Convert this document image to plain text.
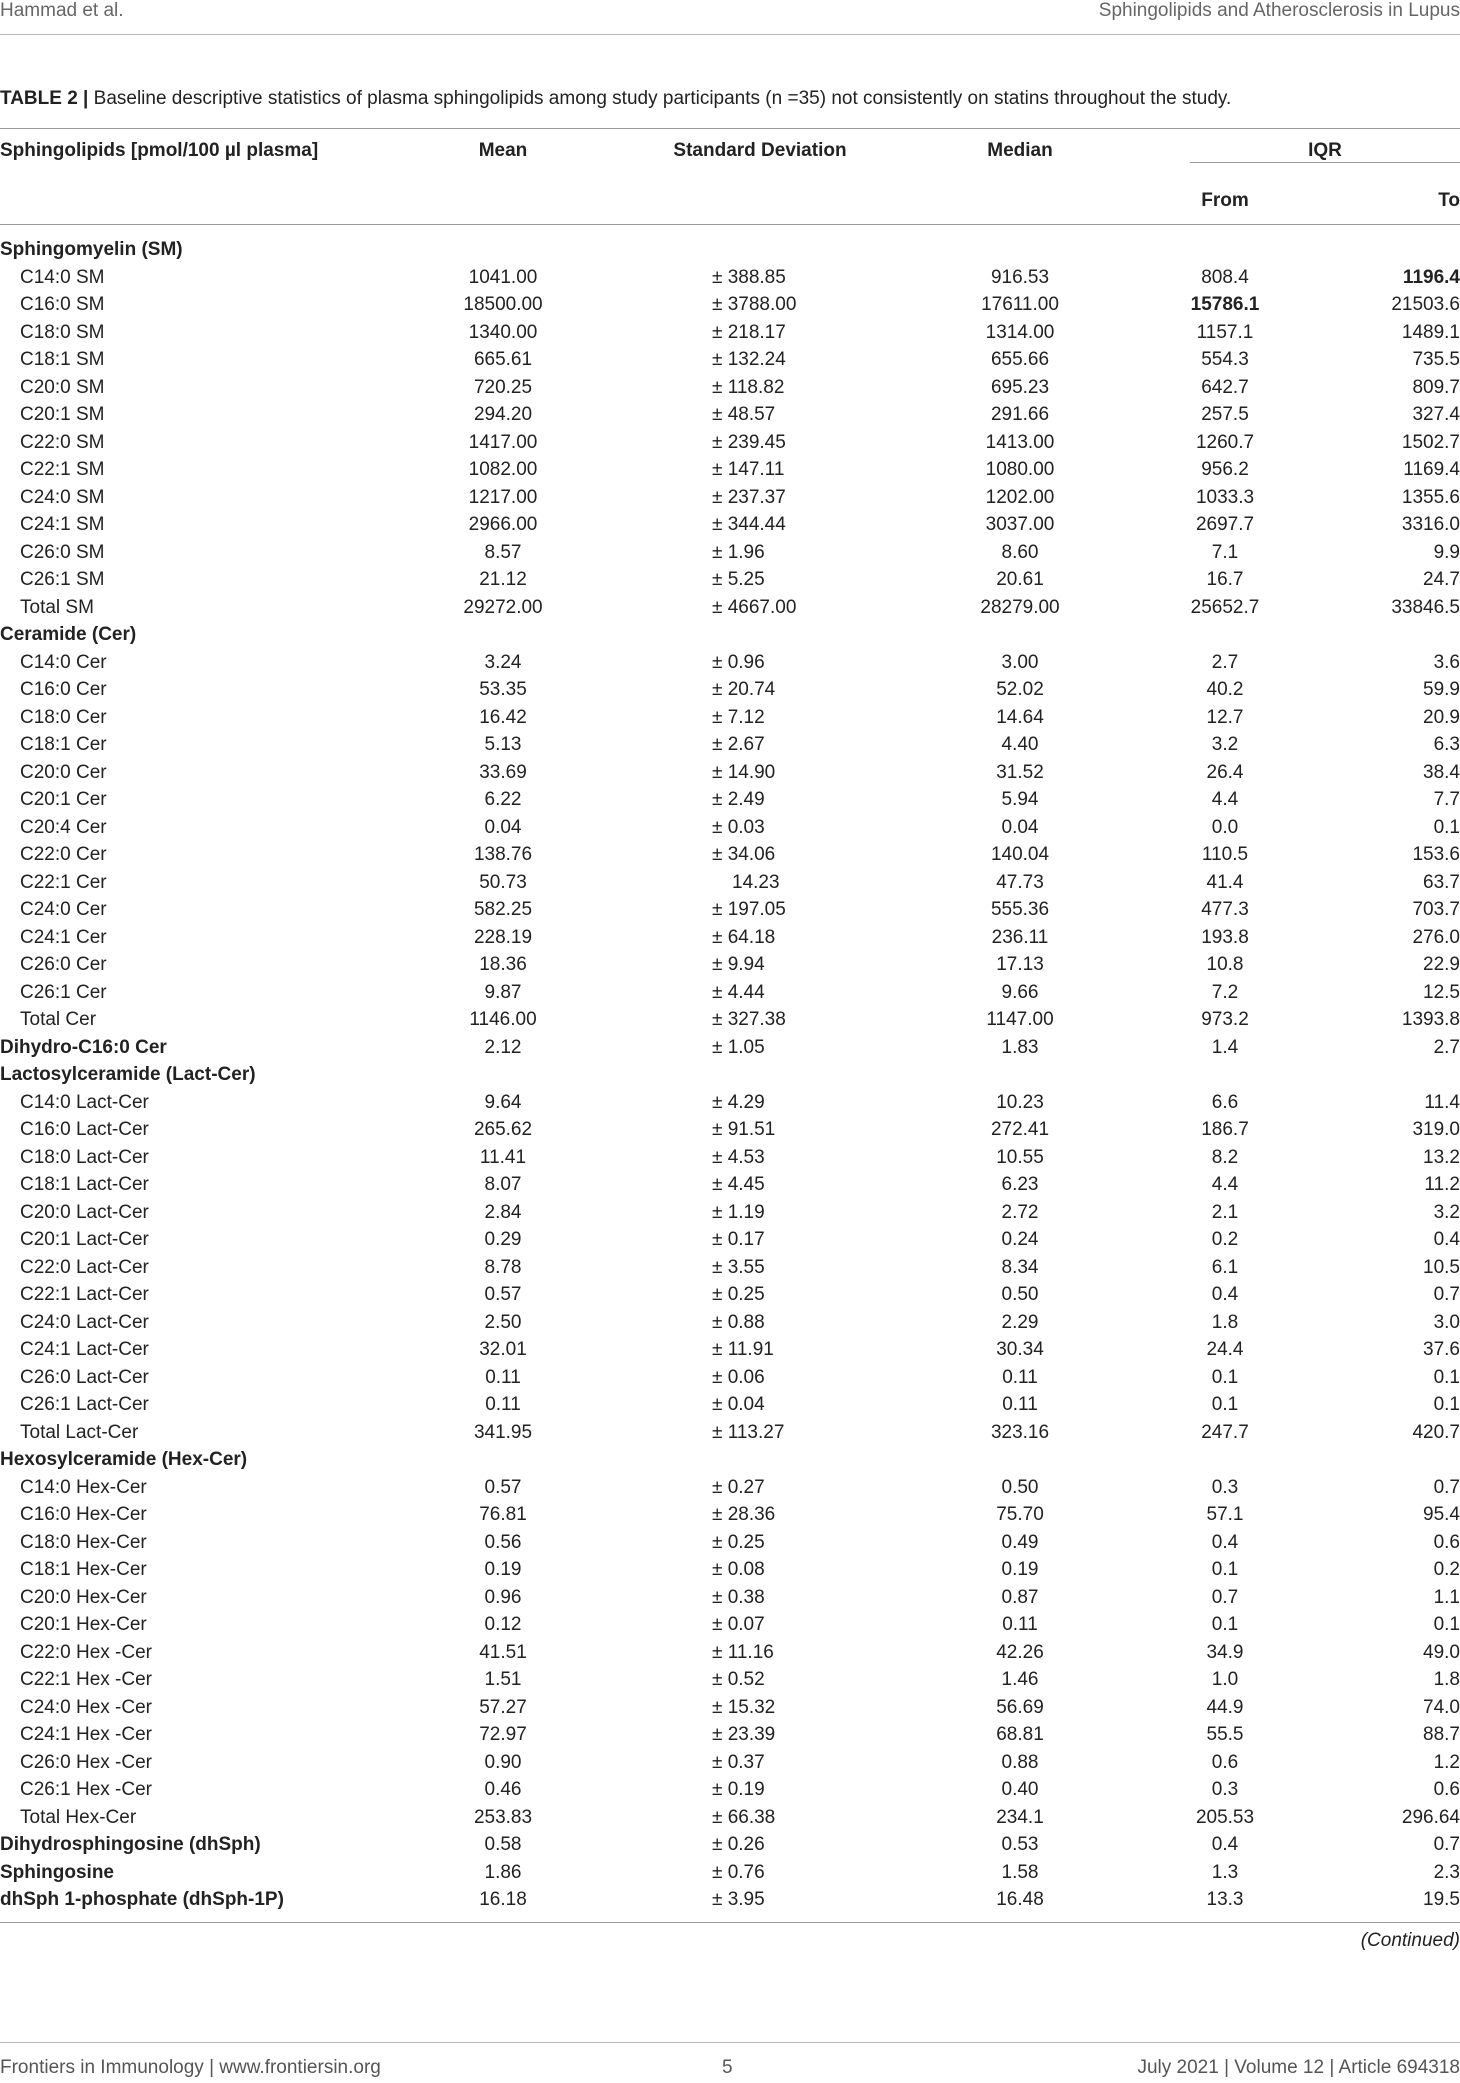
Hammad et al.	Sphingolipids and Atherosclerosis in Lupus
TABLE 2 | Baseline descriptive statistics of plasma sphingolipids among study participants (n =35) not consistently on statins throughout the study.
Sphingolipids [pmol/100 µl plasma]	Mean	Standard Deviation	Median	IQR
From	To
Sphingomyelin (SM)
C14:0 SM	1041.00	± 388.85	916.53	808.4	1196.4
C16:0 SM	18500.00	± 3788.00	17611.00	15786.1	21503.6
C18:0 SM	1340.00	± 218.17	1314.00	1157.1	1489.1
C18:1 SM	665.61	± 132.24	655.66	554.3	735.5
C20:0 SM	720.25	± 118.82	695.23	642.7	809.7
C20:1 SM	294.20	± 48.57	291.66	257.5	327.4
C22:0 SM	1417.00	± 239.45	1413.00	1260.7	1502.7
C22:1 SM	1082.00	± 147.11	1080.00	956.2	1169.4
C24:0 SM	1217.00	± 237.37	1202.00	1033.3	1355.6
C24:1 SM	2966.00	± 344.44	3037.00	2697.7	3316.0
C26:0 SM	8.57	± 1.96	8.60	7.1	9.9
C26:1 SM	21.12	± 5.25	20.61	16.7	24.7
Total SM	29272.00	± 4667.00	28279.00	25652.7	33846.5
Ceramide (Cer)
C14:0 Cer	3.24	± 0.96	3.00	2.7	3.6
C16:0 Cer	53.35	± 20.74	52.02	40.2	59.9
C18:0 Cer	16.42	± 7.12	14.64	12.7	20.9
C18:1 Cer	5.13	± 2.67	4.40	3.2	6.3
C20:0 Cer	33.69	± 14.90	31.52	26.4	38.4
C20:1 Cer	6.22	± 2.49	5.94	4.4	7.7
C20:4 Cer	0.04	± 0.03	0.04	0.0	0.1
C22:0 Cer	138.76	± 34.06	140.04	110.5	153.6
C22:1 Cer	50.73	14.23	47.73	41.4	63.7
C24:0 Cer	582.25	± 197.05	555.36	477.3	703.7
C24:1 Cer	228.19	± 64.18	236.11	193.8	276.0
C26:0 Cer	18.36	± 9.94	17.13	10.8	22.9
C26:1 Cer	9.87	± 4.44	9.66	7.2	12.5
Total Cer	1146.00	± 327.38	1147.00	973.2	1393.8
Dihydro-C16:0 Cer	2.12	± 1.05	1.83	1.4	2.7
Lactosylceramide (Lact-Cer)
C14:0 Lact-Cer	9.64	± 4.29	10.23	6.6	11.4
C16:0 Lact-Cer	265.62	± 91.51	272.41	186.7	319.0
C18:0 Lact-Cer	11.41	± 4.53	10.55	8.2	13.2
C18:1 Lact-Cer	8.07	± 4.45	6.23	4.4	11.2
C20:0 Lact-Cer	2.84	± 1.19	2.72	2.1	3.2
C20:1 Lact-Cer	0.29	± 0.17	0.24	0.2	0.4
C22:0 Lact-Cer	8.78	± 3.55	8.34	6.1	10.5
C22:1 Lact-Cer	0.57	± 0.25	0.50	0.4	0.7
C24:0 Lact-Cer	2.50	± 0.88	2.29	1.8	3.0
C24:1 Lact-Cer	32.01	± 11.91	30.34	24.4	37.6
C26:0 Lact-Cer	0.11	± 0.06	0.11	0.1	0.1
C26:1 Lact-Cer	0.11	± 0.04	0.11	0.1	0.1
Total Lact-Cer	341.95	± 113.27	323.16	247.7	420.7
Hexosylceramide (Hex-Cer)
C14:0 Hex-Cer	0.57	± 0.27	0.50	0.3	0.7
C16:0 Hex-Cer	76.81	± 28.36	75.70	57.1	95.4
C18:0 Hex-Cer	0.56	± 0.25	0.49	0.4	0.6
C18:1 Hex-Cer	0.19	± 0.08	0.19	0.1	0.2
C20:0 Hex-Cer	0.96	± 0.38	0.87	0.7	1.1
C20:1 Hex-Cer	0.12	± 0.07	0.11	0.1	0.1
C22:0 Hex -Cer	41.51	± 11.16	42.26	34.9	49.0
C22:1 Hex -Cer	1.51	± 0.52	1.46	1.0	1.8
C24:0 Hex -Cer	57.27	± 15.32	56.69	44.9	74.0
C24:1 Hex -Cer	72.97	± 23.39	68.81	55.5	88.7
C26:0 Hex -Cer	0.90	± 0.37	0.88	0.6	1.2
C26:1 Hex -Cer	0.46	± 0.19	0.40	0.3	0.6
Total Hex-Cer	253.83	± 66.38	234.1	205.53	296.64
Dihydrosphingosine (dhSph)	0.58	± 0.26	0.53	0.4	0.7
Sphingosine	1.86	± 0.76	1.58	1.3	2.3
dhSph 1-phosphate (dhSph-1P)	16.18	± 3.95	16.48	13.3	19.5
(Continued)
Frontiers in Immunology | www.frontiersin.org	5	July 2021 | Volume 12 | Article 694318
